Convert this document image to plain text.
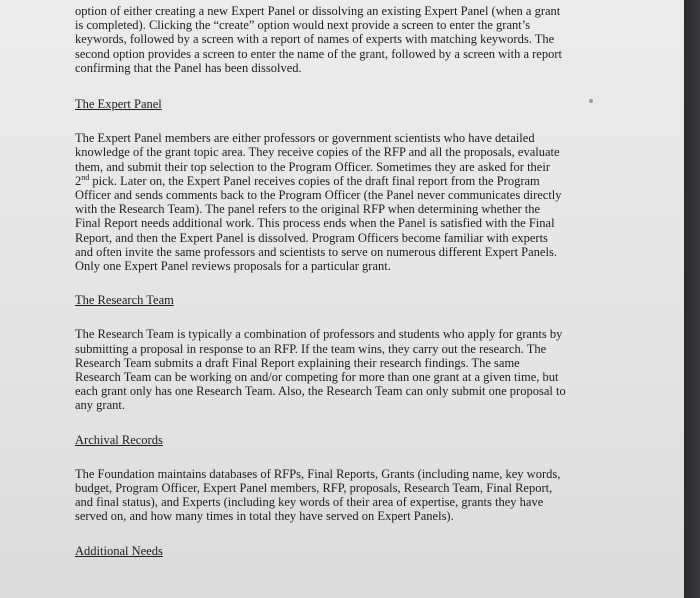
option of either creating a new Expert Panel or dissolving an existing Expert Panel (when a grant is completed). Clicking the “create” option would next provide a screen to enter the grant’s keywords, followed by a screen with a report of names of experts with matching keywords. The second option provides a screen to enter the name of the grant, followed by a screen with a report confirming that the Panel has been dissolved.

The Expert Panel

The Expert Panel members are either professors or government scientists who have detailed knowledge of the grant topic area. They receive copies of the RFP and all the proposals, evaluate them, and submit their top selection to the Program Officer. Sometimes they are asked for their 2nd pick. Later on, the Expert Panel receives copies of the draft final report from the Program Officer and sends comments back to the Program Officer (the Panel never communicates directly with the Research Team). The panel refers to the original RFP when determining whether the Final Report needs additional work. This process ends when the Panel is satisfied with the Final Report, and then the Expert Panel is dissolved. Program Officers become familiar with experts and often invite the same professors and scientists to serve on numerous different Expert Panels. Only one Expert Panel reviews proposals for a particular grant.

The Research Team

The Research Team is typically a combination of professors and students who apply for grants by submitting a proposal in response to an RFP. If the team wins, they carry out the research. The Research Team submits a draft Final Report explaining their research findings. The same Research Team can be working on and/or competing for more than one grant at a given time, but each grant only has one Research Team. Also, the Research Team can only submit one proposal to any grant.

Archival Records

The Foundation maintains databases of RFPs, Final Reports, Grants (including name, key words, budget, Program Officer, Expert Panel members, RFP, proposals, Research Team, Final Report, and final status), and Experts (including key words of their area of expertise, grants they have served on, and how many times in total they have served on Expert Panels).

Additional Needs
